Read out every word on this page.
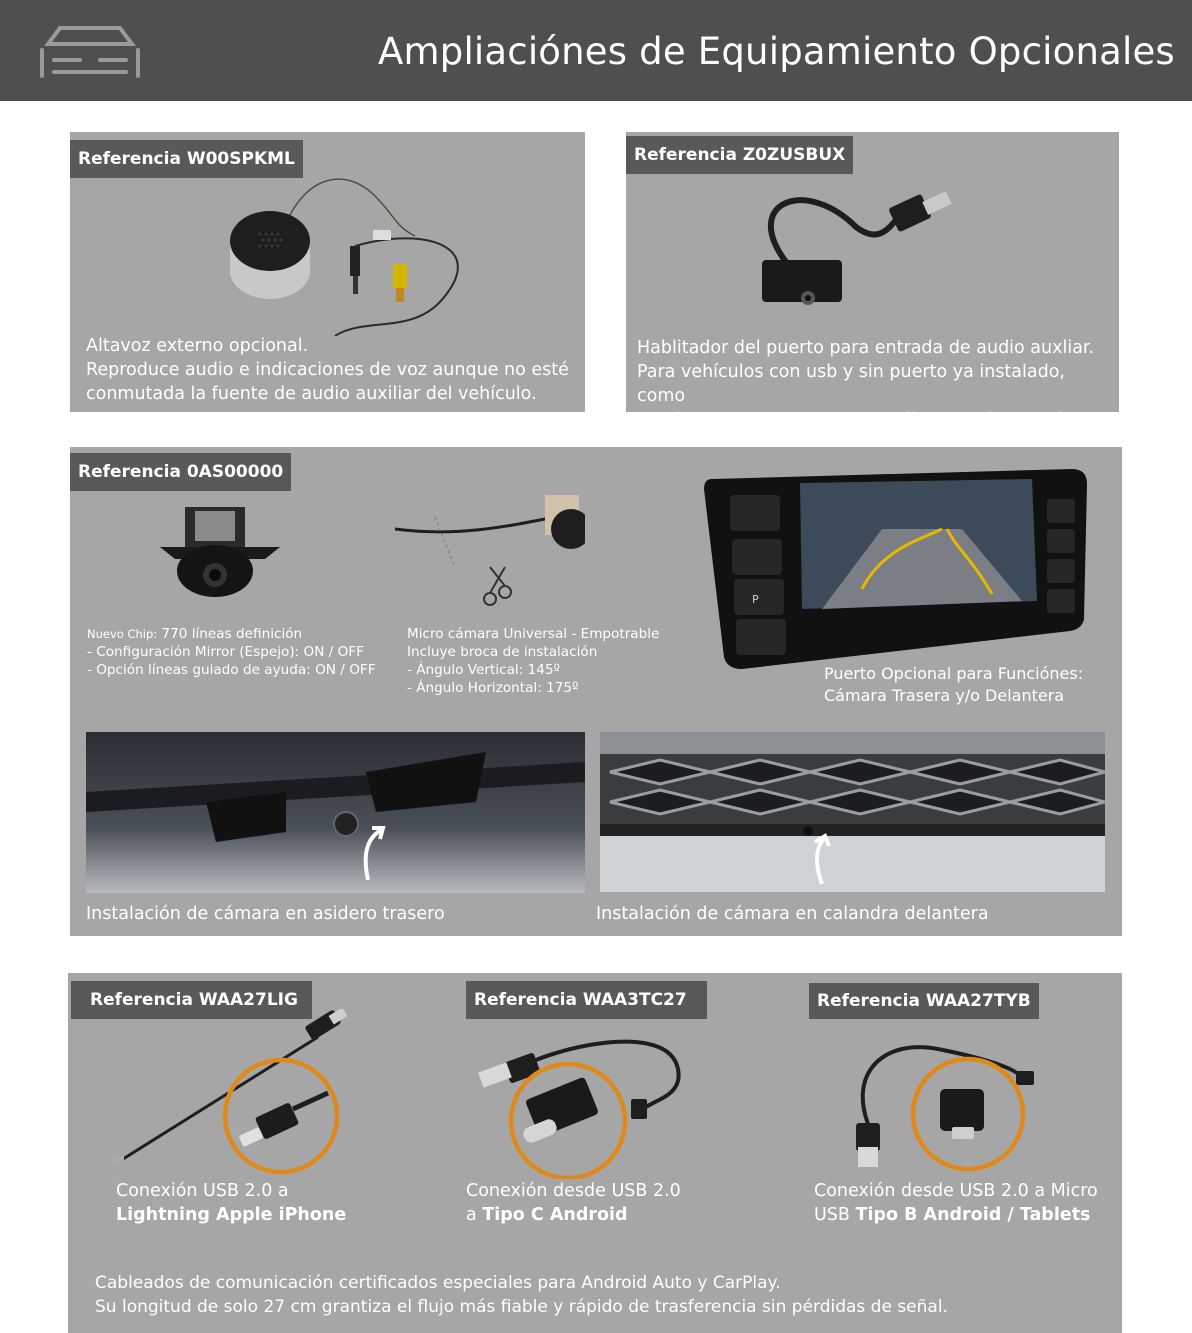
Ampliaciónes de Equipamiento Opcionales
Referencia W00SPKML
Altavoz externo opcional.
Reproduce audio e indicaciones de voz aunque no esté
conmutada la fuente de audio auxiliar del vehículo.
Referencia Z0ZUSBUX
Hablitador del puerto para entrada de audio auxliar.
Para vehículos con usb y sin puerto ya instalado, como
Land Rover y Jaguar con pantalla InTouchControl
Referencia 0AS00000
P
Nuevo Chip: 770 líneas definición
- Configuración Mirror (Espejo): ON / OFF
- Opción líneas guiado de ayuda: ON / OFF
Micro cámara Universal - Empotrable
Incluye broca de instalación
- Ángulo Vertical: 145º
- Ángulo Horizontal: 175º
Puerto Opcional para Funciónes:
Cámara Trasera y/o Delantera
Instalación de cámara en asidero trasero	Instalación de cámara en calandra delantera
Referencia WAA27LIG	Referencia WAA3TC27	Referencia WAA27TYB
Conexión USB 2.0 a
Lightning Apple iPhone
Conexión desde USB 2.0
a Tipo C Android
Conexión desde USB 2.0 a Micro
USB Tipo B Android / Tablets
Cableados de comunicación certificados especiales para Android Auto y CarPlay.
Su longitud de solo 27 cm grantiza el flujo más fiable y rápido de trasferencia sin pérdidas de señal.
